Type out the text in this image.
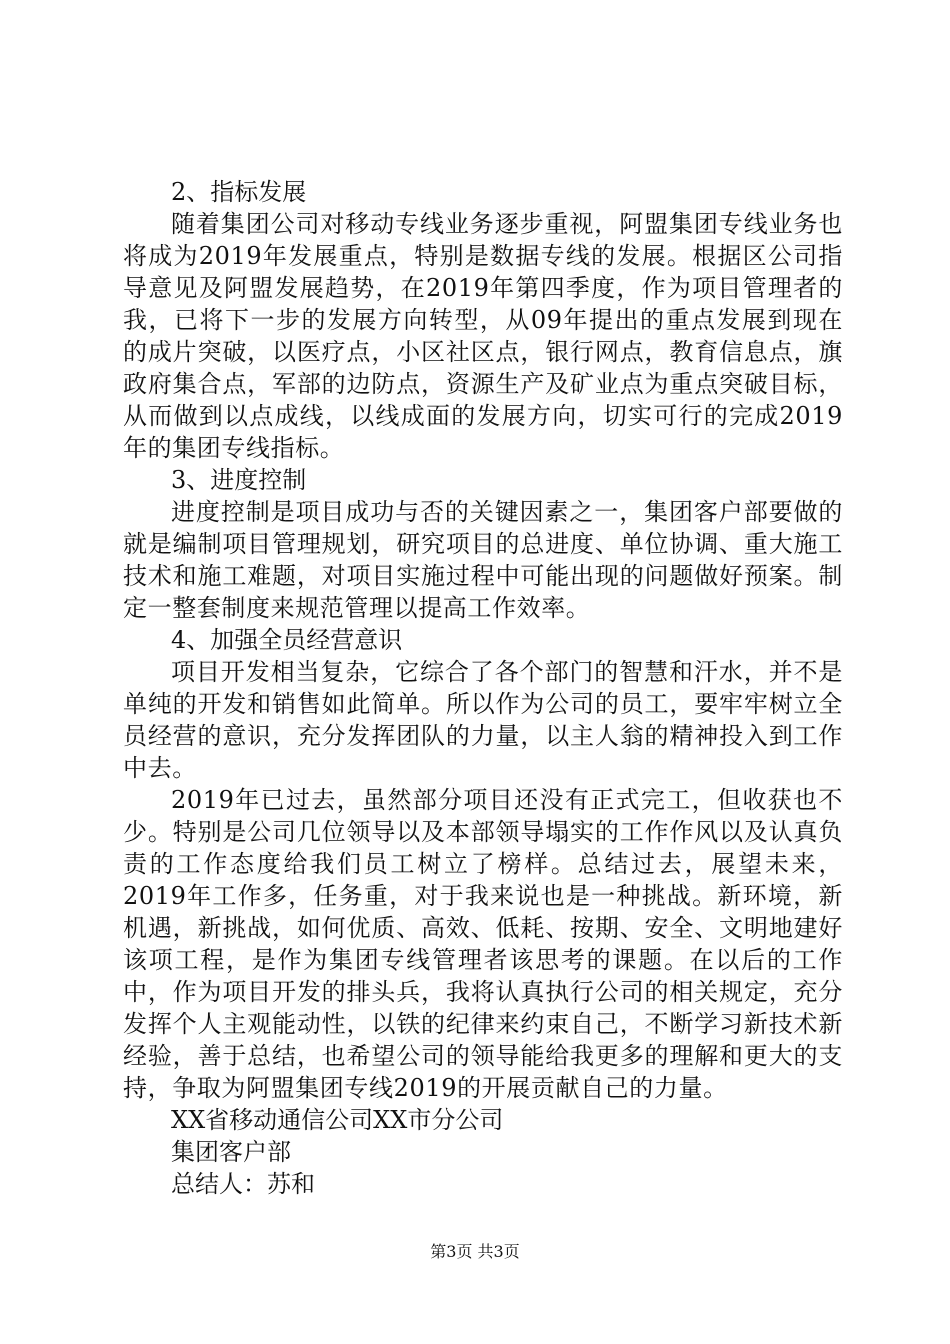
2、指标发展

随着集团公司对移动专线业务逐步重视，阿盟集团专线业务也将成为2019年发展重点，特别是数据专线的发展。根据区公司指导意见及阿盟发展趋势，在2019年第四季度，作为项目管理者的我，已将下一步的发展方向转型，从09年提出的重点发展到现在的成片突破，以医疗点，小区社区点，银行网点，教育信息点，旗政府集合点，军部的边防点，资源生产及矿业点为重点突破目标，从而做到以点成线，以线成面的发展方向，切实可行的完成2019年的集团专线指标。

3、进度控制

进度控制是项目成功与否的关键因素之一，集团客户部要做的就是编制项目管理规划，研究项目的总进度、单位协调、重大施工技术和施工难题，对项目实施过程中可能出现的问题做好预案。制定一整套制度来规范管理以提高工作效率。

4、加强全员经营意识

项目开发相当复杂，它综合了各个部门的智慧和汗水，并不是单纯的开发和销售如此简单。所以作为公司的员工，要牢牢树立全员经营的意识，充分发挥团队的力量，以主人翁的精神投入到工作中去。

2019年已过去，虽然部分项目还没有正式完工，但收获也不少。特别是公司几位领导以及本部领导塌实的工作作风以及认真负责的工作态度给我们员工树立了榜样。总结过去，展望未来，2019年工作多，任务重，对于我来说也是一种挑战。新环境，新机遇，新挑战，如何优质、高效、低耗、按期、安全、文明地建好该项工程，是作为集团专线管理者该思考的课题。在以后的工作中，作为项目开发的排头兵，我将认真执行公司的相关规定，充分发挥个人主观能动性，以铁的纪律来约束自己，不断学习新技术新经验，善于总结，也希望公司的领导能给我更多的理解和更大的支持，争取为阿盟集团专线2019的开展贡献自己的力量。

XX省移动通信公司XX市分公司

集团客户部

总结人：苏和

第3页 共3页
